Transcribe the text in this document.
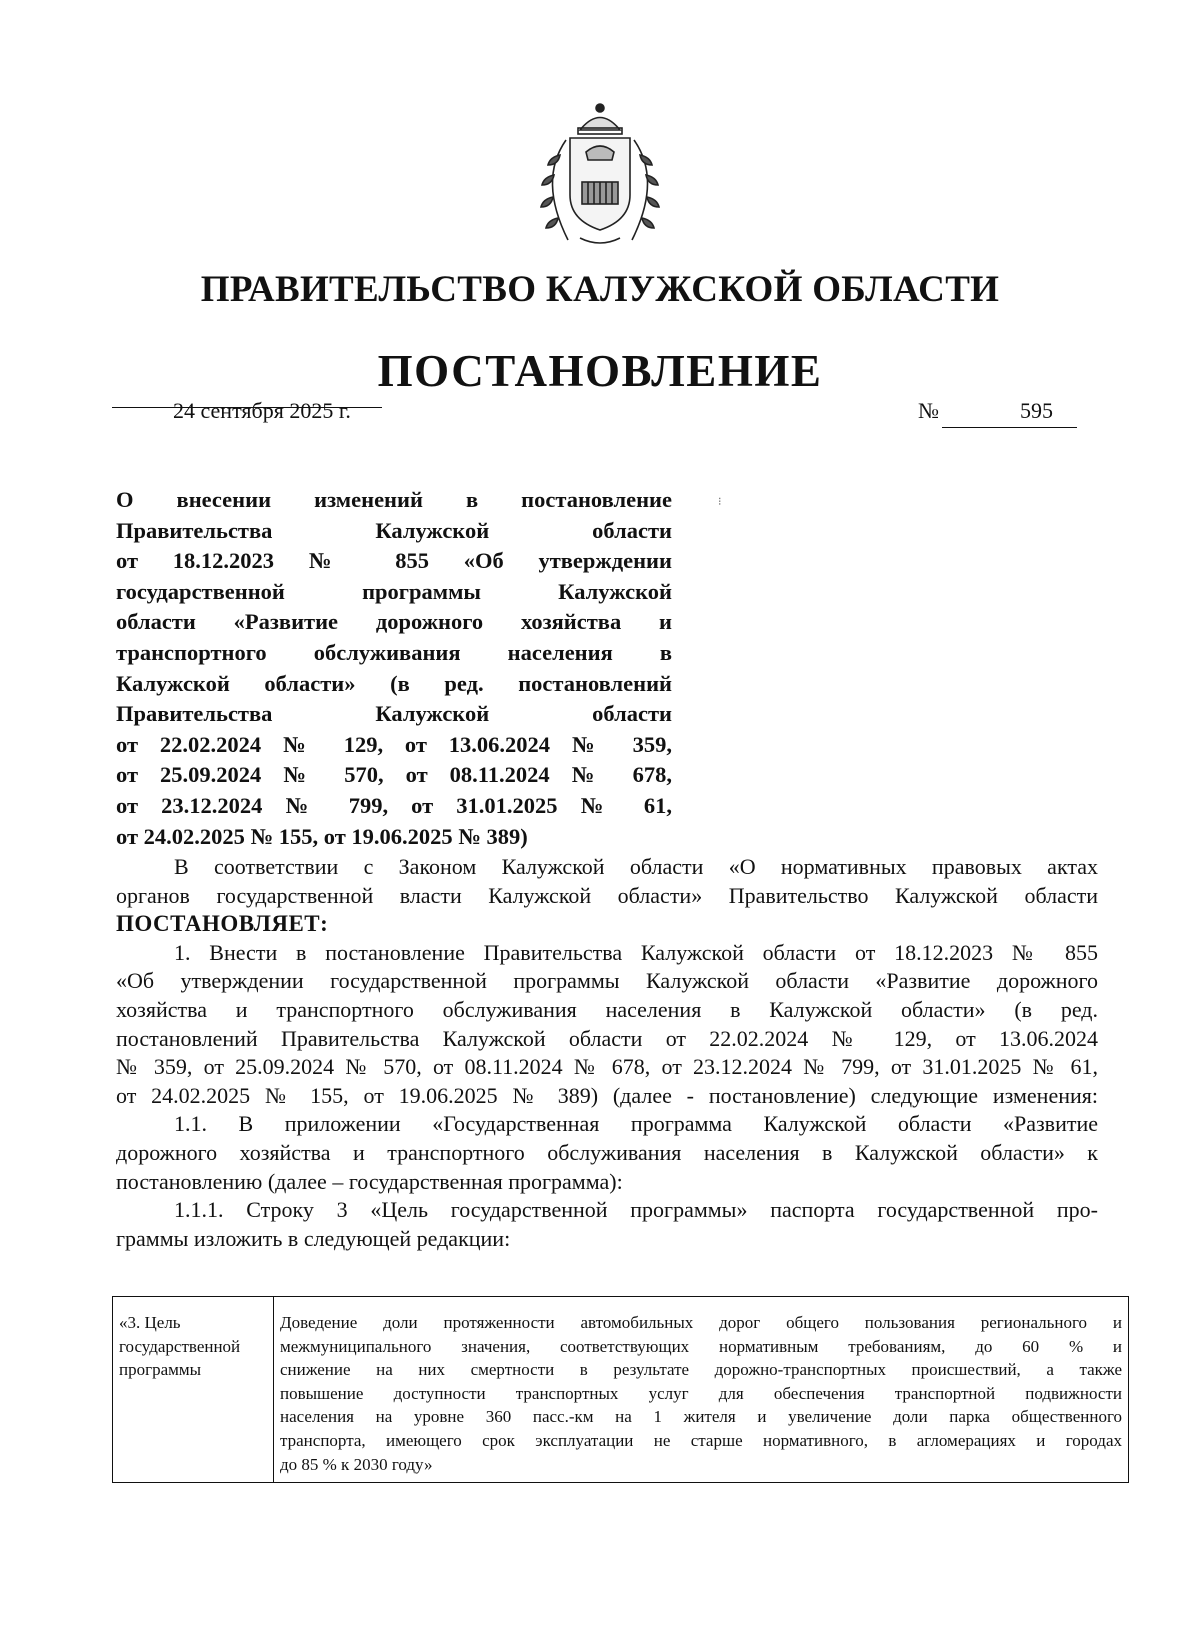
ПРАВИТЕЛЬСТВО КАЛУЖСКОЙ ОБЛАСТИ
ПОСТАНОВЛЕНИЕ
24 сентября 2025 г.	№	595
⁝
О внесении изменений в постановление
Правительства Калужской области
от 18.12.2023 № 855 «Об утверждении
государственной программы Калужской
области «Развитие дорожного хозяйства и
транспортного обслуживания населения в
Калужской области» (в ред. постановлений
Правительства Калужской области
от 22.02.2024 № 129, от 13.06.2024 № 359,
от 25.09.2024 № 570, от 08.11.2024 № 678,
от 23.12.2024 № 799, от 31.01.2025 № 61,
от 24.02.2025 № 155, от 19.06.2025 № 389)
В соответствии с Законом Калужской области «О нормативных правовых актах
органов государственной власти Калужской области» Правительство Калужской области
ПОСТАНОВЛЯЕТ:
1. Внести в постановление Правительства Калужской области от 18.12.2023 № 855
«Об утверждении государственной программы Калужской области «Развитие дорожного
хозяйства и транспортного обслуживания населения в Калужской области» (в ред.
постановлений Правительства Калужской области от 22.02.2024 № 129, от 13.06.2024
№ 359, от 25.09.2024 № 570, от 08.11.2024 № 678, от 23.12.2024 № 799, от 31.01.2025 № 61,
от 24.02.2025 № 155, от 19.06.2025 № 389) (далее - постановление) следующие изменения:
1.1. В приложении «Государственная программа Калужской области «Развитие
дорожного хозяйства и транспортного обслуживания населения в Калужской области» к
постановлению (далее – государственная программа):
1.1.1. Строку 3 «Цель государственной программы» паспорта государственной про-
граммы изложить в следующей редакции:
«3. Цель
государственной
программы

Доведение доли протяженности автомобильных дорог общего пользования регионального и
межмуниципального значения, соответствующих нормативным требованиям, до 60 % и
снижение на них смертности в результате дорожно-транспортных происшествий, а также
повышение доступности транспортных услуг для обеспечения транспортной подвижности
населения на уровне 360 пасс.-км на 1 жителя и увеличение доли парка общественного
транспорта, имеющего срок эксплуатации не старше нормативного, в агломерациях и городах
до 85 % к 2030 году»
